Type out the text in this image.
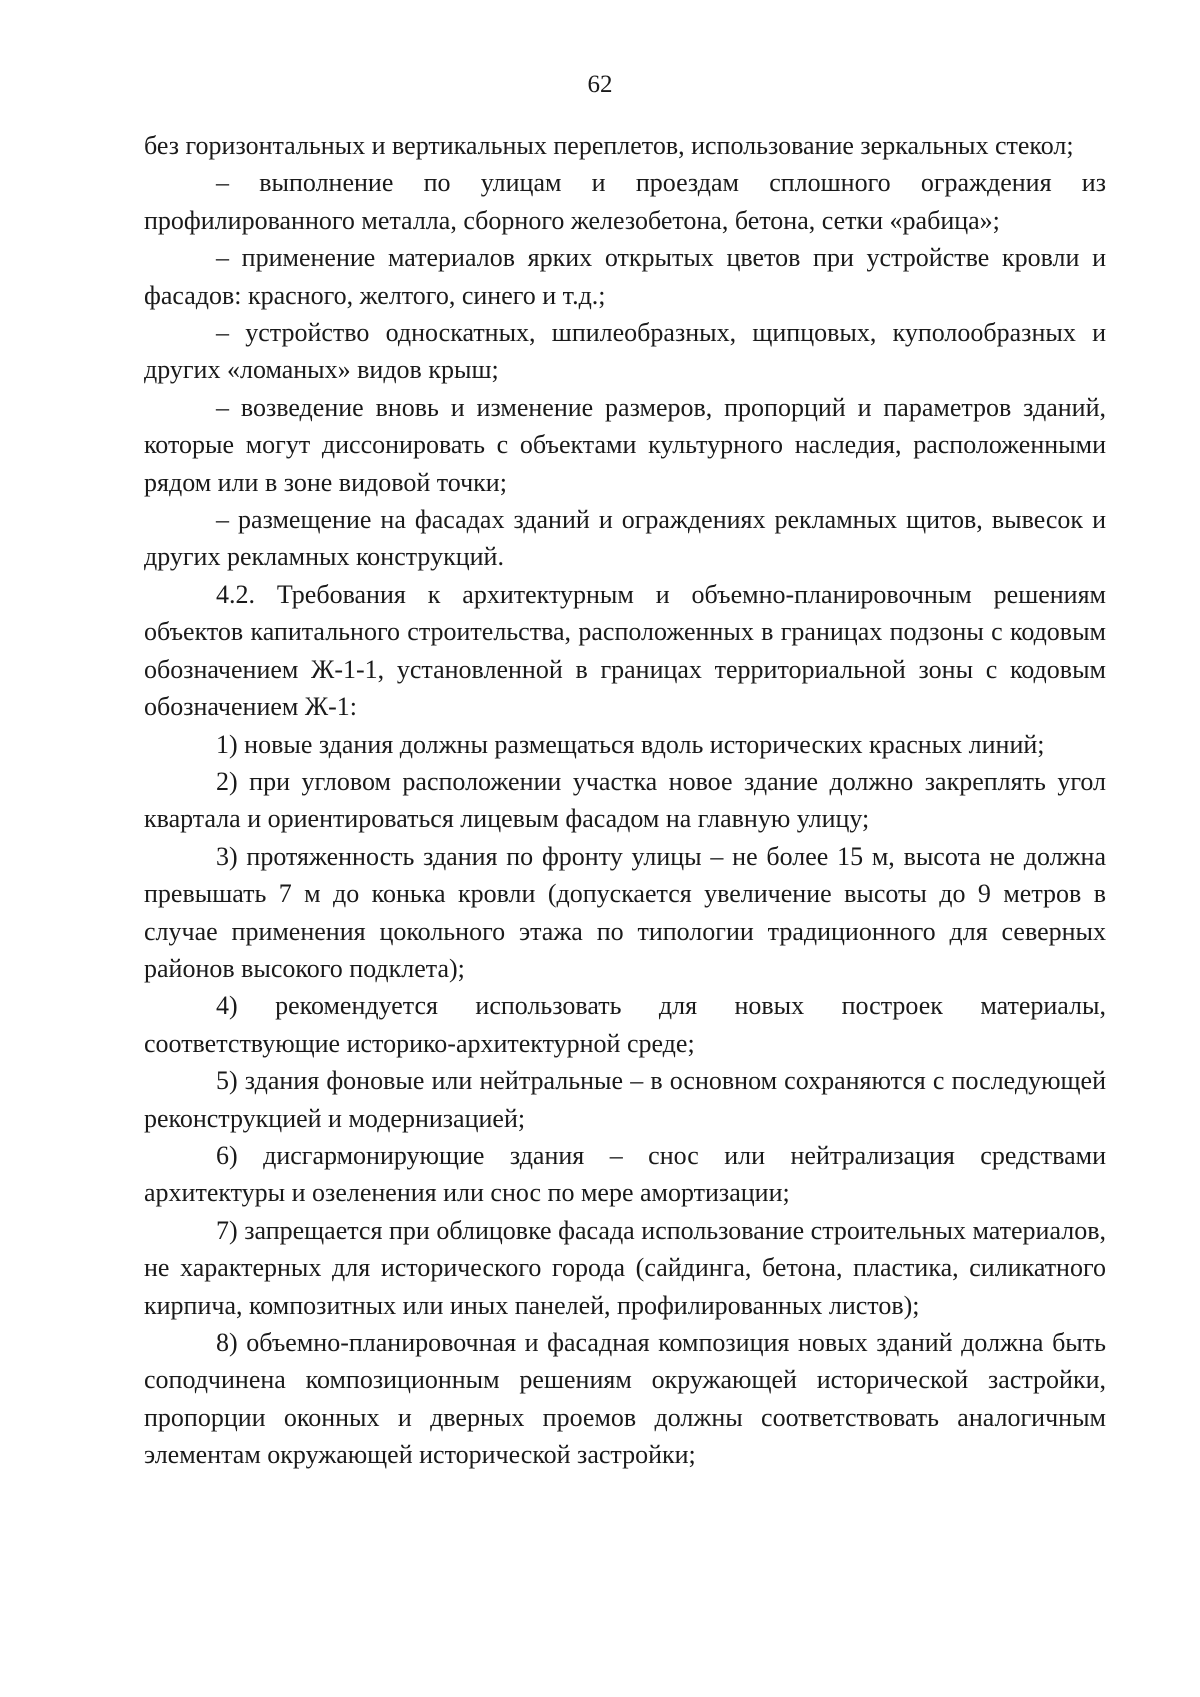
62

без горизонтальных и вертикальных переплетов, использование зеркальных стекол;

– выполнение по улицам и проездам сплошного ограждения из профилированного металла, сборного железобетона, бетона, сетки «рабица»;

– применение материалов ярких открытых цветов при устройстве кровли и фасадов: красного, желтого, синего и т.д.;

– устройство односкатных, шпилеобразных, щипцовых, куполообразных и других «ломаных» видов крыш;

– возведение вновь и изменение размеров, пропорций и параметров зданий, которые могут диссонировать с объектами культурного наследия, расположенными рядом или в зоне видовой точки;

– размещение на фасадах зданий и ограждениях рекламных щитов, вывесок и других рекламных конструкций.

4.2. Требования к архитектурным и объемно-планировочным решениям объектов капитального строительства, расположенных в границах подзоны с кодовым обозначением Ж-1-1, установленной в границах территориальной зоны с кодовым обозначением Ж-1:

1) новые здания должны размещаться вдоль исторических красных линий;

2) при угловом расположении участка новое здание должно закреплять угол квартала и ориентироваться лицевым фасадом на главную улицу;

3) протяженность здания по фронту улицы – не более 15 м, высота не должна превышать 7 м до конька кровли (допускается увеличение высоты до 9 метров в случае применения цокольного этажа по типологии традиционного для северных районов высокого подклета);

4) рекомендуется использовать для новых построек материалы, соответствующие историко-архитектурной среде;

5) здания фоновые или нейтральные – в основном сохраняются с последующей реконструкцией и модернизацией;

6) дисгармонирующие здания – снос или нейтрализация средствами архитектуры и озеленения или снос по мере амортизации;

7) запрещается при облицовке фасада использование строительных материалов, не характерных для исторического города (сайдинга, бетона, пластика, силикатного кирпича, композитных или иных панелей, профилированных листов);

8) объемно-планировочная и фасадная композиция новых зданий должна быть соподчинена композиционным решениям окружающей исторической застройки, пропорции оконных и дверных проемов должны соответствовать аналогичным элементам окружающей исторической застройки;
